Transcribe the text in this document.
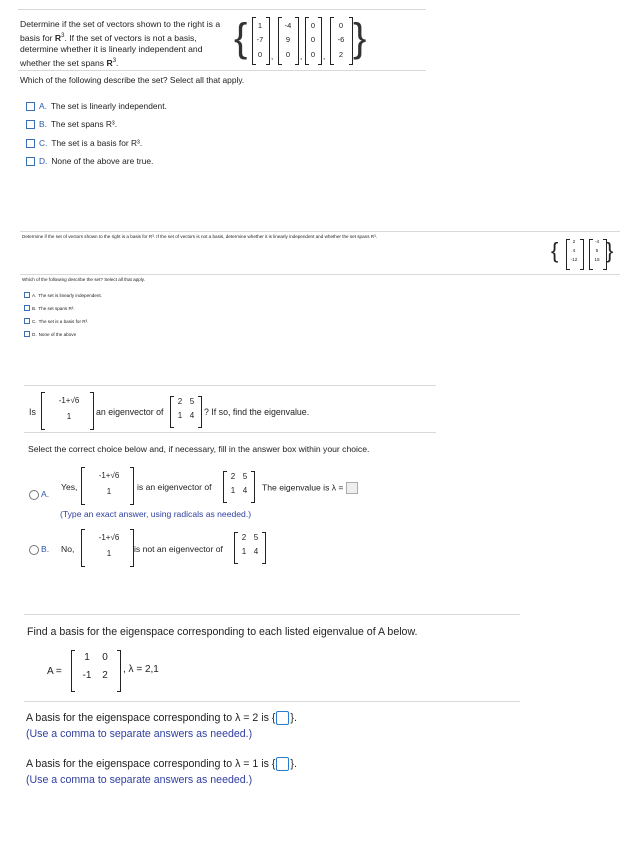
Determine if the set of vectors shown to the right is a basis for $R^3$. If the set of vectors is not a basis, determine whether it is linearly independent and whether the set spans $R^3$.
{	1
-7
0	,
-4
9
0	,
0
0
0 ,
0
-6
2 }
Which of the following describe the set? Select all that apply.
A. The set is linearly independent.
B. The set spans R³.
C. The set is a basis for R³.
D. None of the above are true.
Determine if the set of vectors shown to the right is a basis for R³. If the set of vectors is not a basis, determine whether it is linearly independent and whether the set spans R³.
{	2
4
-12
-4
5
15 }
Which of the following describe the set? Select all that apply.
A. The set is linearly independent.
B. The set spans R³.
C. The set is a basis for R³.
D. None of the above
Is
-1+√6
1	an eigenvector of
2 5
1 4	? If so, find the eigenvalue.
Select the correct choice below and, if necessary, fill in the answer box within your choice.
A.
Yes,
-1+√6
1	is an eigenvector of
2 5
1 4	The eigenvalue is λ =
(Type an exact answer, using radicals as needed.)
B. No,
-1+√6
1	is not an eigenvector of
2 5
1 4
Find a basis for the eigenspace corresponding to each listed eigenvalue of A below.
A =
1	0
-1	2
, λ = 2,1
A basis for the eigenspace corresponding to λ = 2 is { }.
(Use a comma to separate answers as needed.)
A basis for the eigenspace corresponding to λ = 1 is { }.
(Use a comma to separate answers as needed.)
